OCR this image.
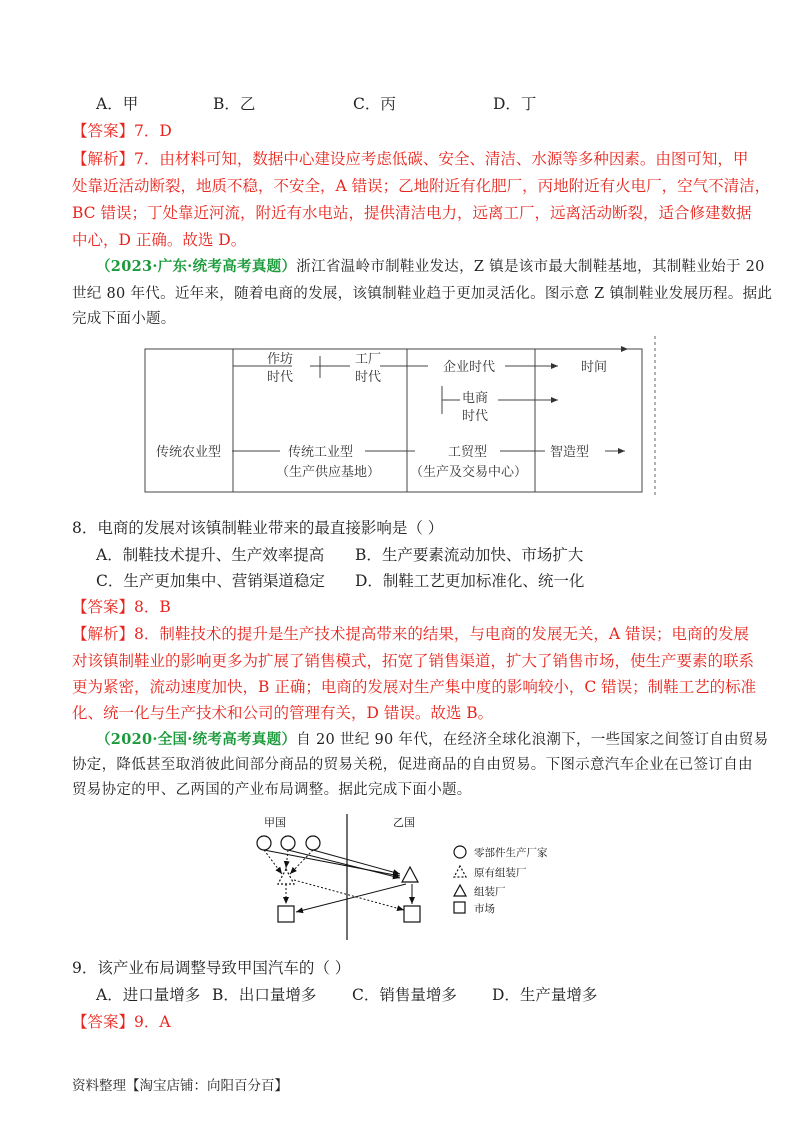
A．甲	B．乙	C．丙	D．丁
【答案】7．D
【解析】7．由材料可知，数据中心建设应考虑低碳、安全、清洁、水源等多种因素。由图可知，甲
处靠近活动断裂，地质不稳，不安全，A 错误；乙地附近有化肥厂，丙地附近有火电厂，空气不清洁，
BC 错误；丁处靠近河流，附近有水电站，提供清洁电力，远离工厂，远离活动断裂，适合修建数据
中心，D 正确。故选 D。
（2023·广东·统考高考真题）浙江省温岭市制鞋业发达，Z 镇是该市最大制鞋基地，其制鞋业始于 20
世纪 80 年代。近年来，随着电商的发展，该镇制鞋业趋于更加灵活化。图示意 Z 镇制鞋业发展历程。据此
完成下面小题。
时间
作坊
时代
工厂
时代
企业时代
电商
时代
传统农业型	传统工业型
（生产供应基地）
工贸型
（生产及交易中心）
智造型
8．电商的发展对该镇制鞋业带来的最直接影响是（ ）
A．制鞋技术提升、生产效率提高 B．生产要素流动加快、市场扩大
C．生产更加集中、营销渠道稳定 D．制鞋工艺更加标准化、统一化
【答案】8．B
【解析】8．制鞋技术的提升是生产技术提高带来的结果，与电商的发展无关，A 错误；电商的发展
对该镇制鞋业的影响更多为扩展了销售模式，拓宽了销售渠道，扩大了销售市场，使生产要素的联系
更为紧密，流动速度加快，B 正确；电商的发展对生产集中度的影响较小，C 错误；制鞋工艺的标准
化、统一化与生产技术和公司的管理有关，D 错误。故选 B。
（2020·全国·统考高考真题）自 20 世纪 90 年代，在经济全球化浪潮下，一些国家之间签订自由贸易
协定，降低甚至取消彼此间部分商品的贸易关税，促进商品的自由贸易。下图示意汽车企业在已签订自由
贸易协定的甲、乙两国的产业布局调整。据此完成下面小题。
甲国	乙国
零部件生产厂家
原有组装厂
组装厂
市场
9．该产业布局调整导致甲国汽车的（ ）
A．进口量增多 B．出口量增多 C．销售量增多 D．生产量增多
【答案】9．A
资料整理【淘宝店铺：向阳百分百】
